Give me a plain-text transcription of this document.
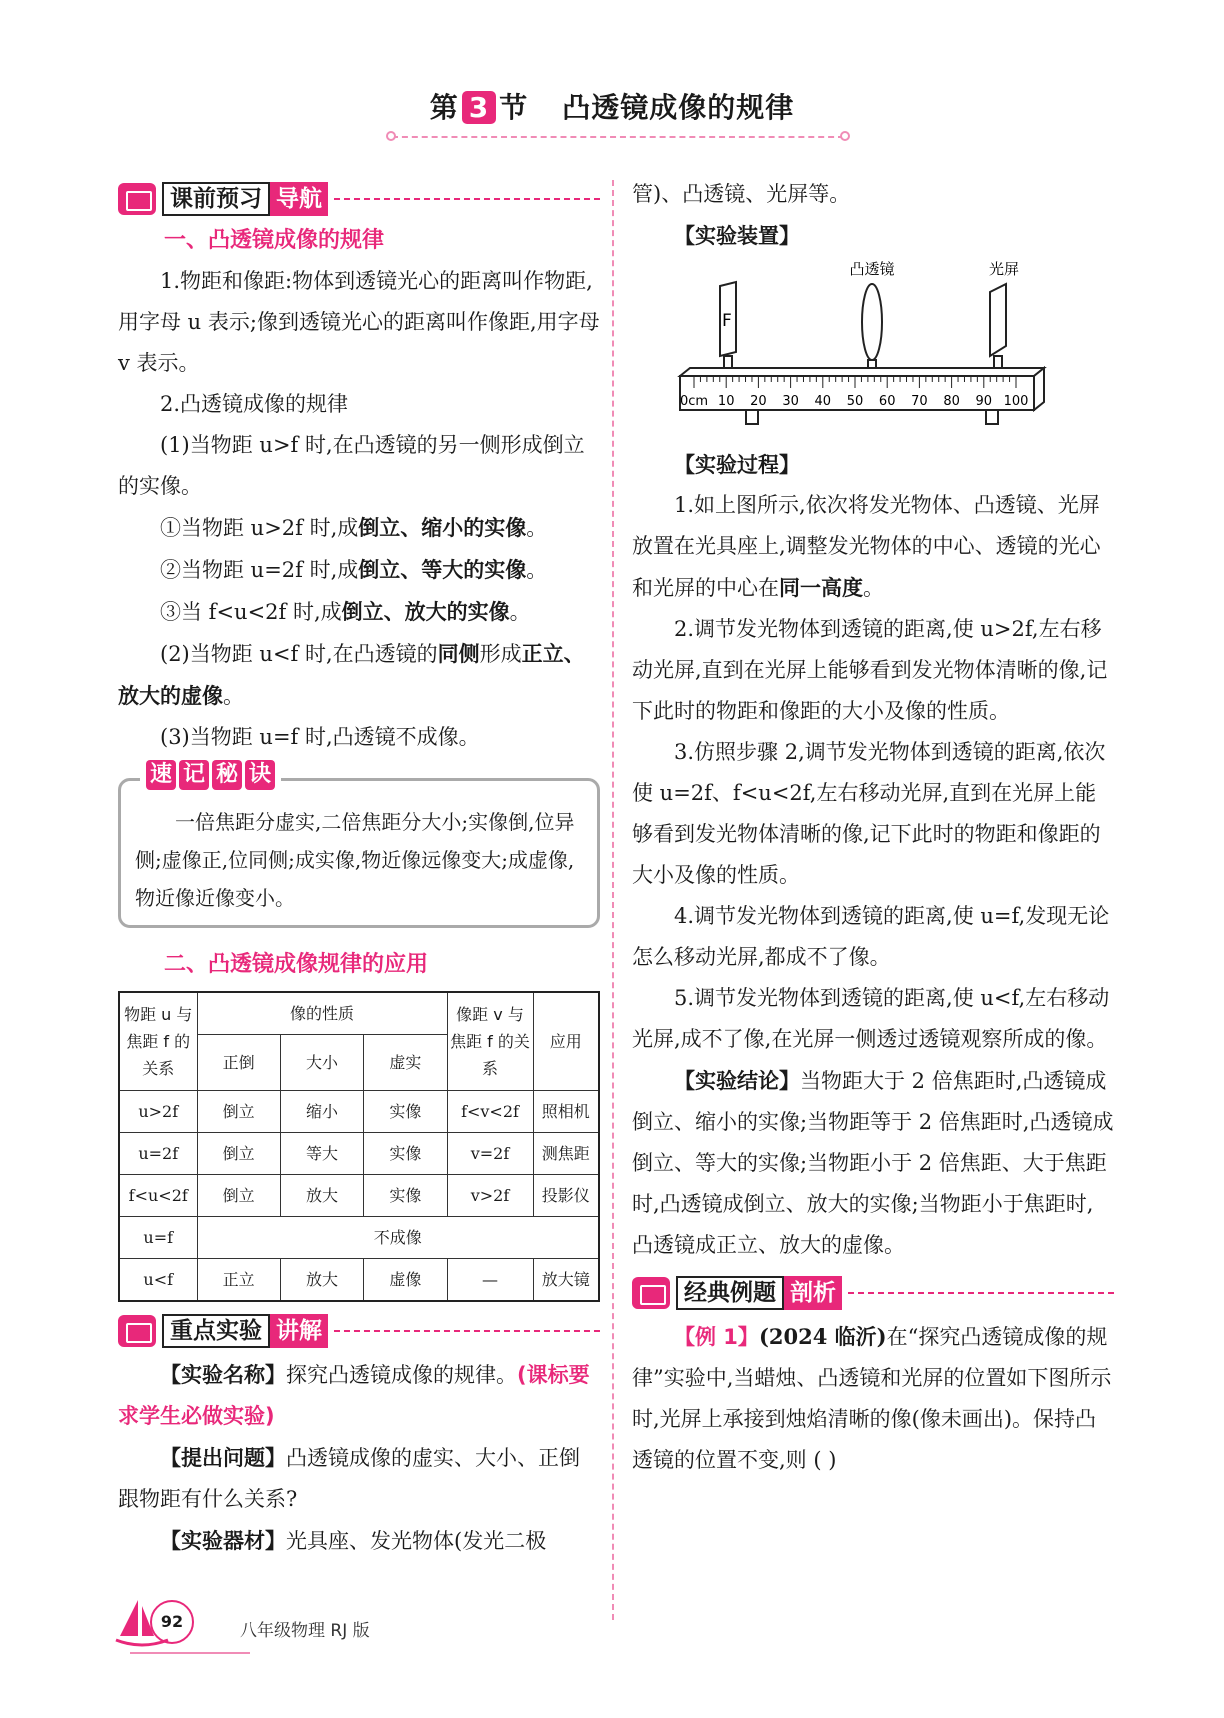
第 3 节 凸透镜成像的规律
课前预习 导航
一、凸透镜成像的规律

1.物距和像距:物体到透镜光心的距离叫作物距,用字母 u 表示;像到透镜光心的距离叫作像距,用字母 v 表示。

2.凸透镜成像的规律

(1)当物距 u>f 时,在凸透镜的另一侧形成倒立的实像。

①当物距 u>2f 时,成倒立、缩小的实像。

②当物距 u=2f 时,成倒立、等大的实像。

③当 f<u<2f 时,成倒立、放大的实像。

(2)当物距 u<f 时,在凸透镜的同侧形成正立、放大的虚像。

(3)当物距 u=f 时,凸透镜不成像。

速 记 秘 诀

一倍焦距分虚实,二倍焦距分大小;实像倒,位异侧;虚像正,位同侧;成实像,物近像远像变大;成虚像,物近像近像变小。

二、凸透镜成像规律的应用
物距 u 与焦距 f 的关系	像的性质			像距 v 与焦距 f 的关系	应用
	正倒	大小	虚实		
u>2f	倒立	缩小	实像	f<v<2f	照相机
u=2f	倒立	等大	实像	v=2f	测焦距
f<u<2f	倒立	放大	实像	v>2f	投影仪
u=f	不成像				
u<f	正立	放大	虚像	—	放大镜
重点实验 讲解

【实验名称】探究凸透镜成像的规律。(课标要求学生必做实验)

【提出问题】凸透镜成像的虚实、大小、正倒跟物距有什么关系?

【实验器材】光具座、发光物体(发光二极

管)、凸透镜、光屏等。

【实验装置】

凸透镜	光屏
F
0cm 10 20 30 40 50 60 70 80 90 100

【实验过程】

1.如上图所示,依次将发光物体、凸透镜、光屏放置在光具座上,调整发光物体的中心、透镜的光心和光屏的中心在同一高度。

2.调节发光物体到透镜的距离,使 u>2f,左右移动光屏,直到在光屏上能够看到发光物体清晰的像,记下此时的物距和像距的大小及像的性质。

3.仿照步骤 2,调节发光物体到透镜的距离,依次使 u=2f、f<u<2f,左右移动光屏,直到在光屏上能够看到发光物体清晰的像,记下此时的物距和像距的大小及像的性质。

4.调节发光物体到透镜的距离,使 u=f,发现无论怎么移动光屏,都成不了像。

5.调节发光物体到透镜的距离,使 u<f,左右移动光屏,成不了像,在光屏一侧透过透镜观察所成的像。

【实验结论】当物距大于 2 倍焦距时,凸透镜成倒立、缩小的实像;当物距等于 2 倍焦距时,凸透镜成倒立、等大的实像;当物距小于 2 倍焦距、大于焦距时,凸透镜成倒立、放大的实像;当物距小于焦距时,凸透镜成正立、放大的虚像。

经典例题 剖析

【例 1】(2024 临沂)在“探究凸透镜成像的规律”实验中,当蜡烛、凸透镜和光屏的位置如下图所示时,光屏上承接到烛焰清晰的像(像未画出)。保持凸透镜的位置不变,则 ( )

92	八年级物理 RJ 版
